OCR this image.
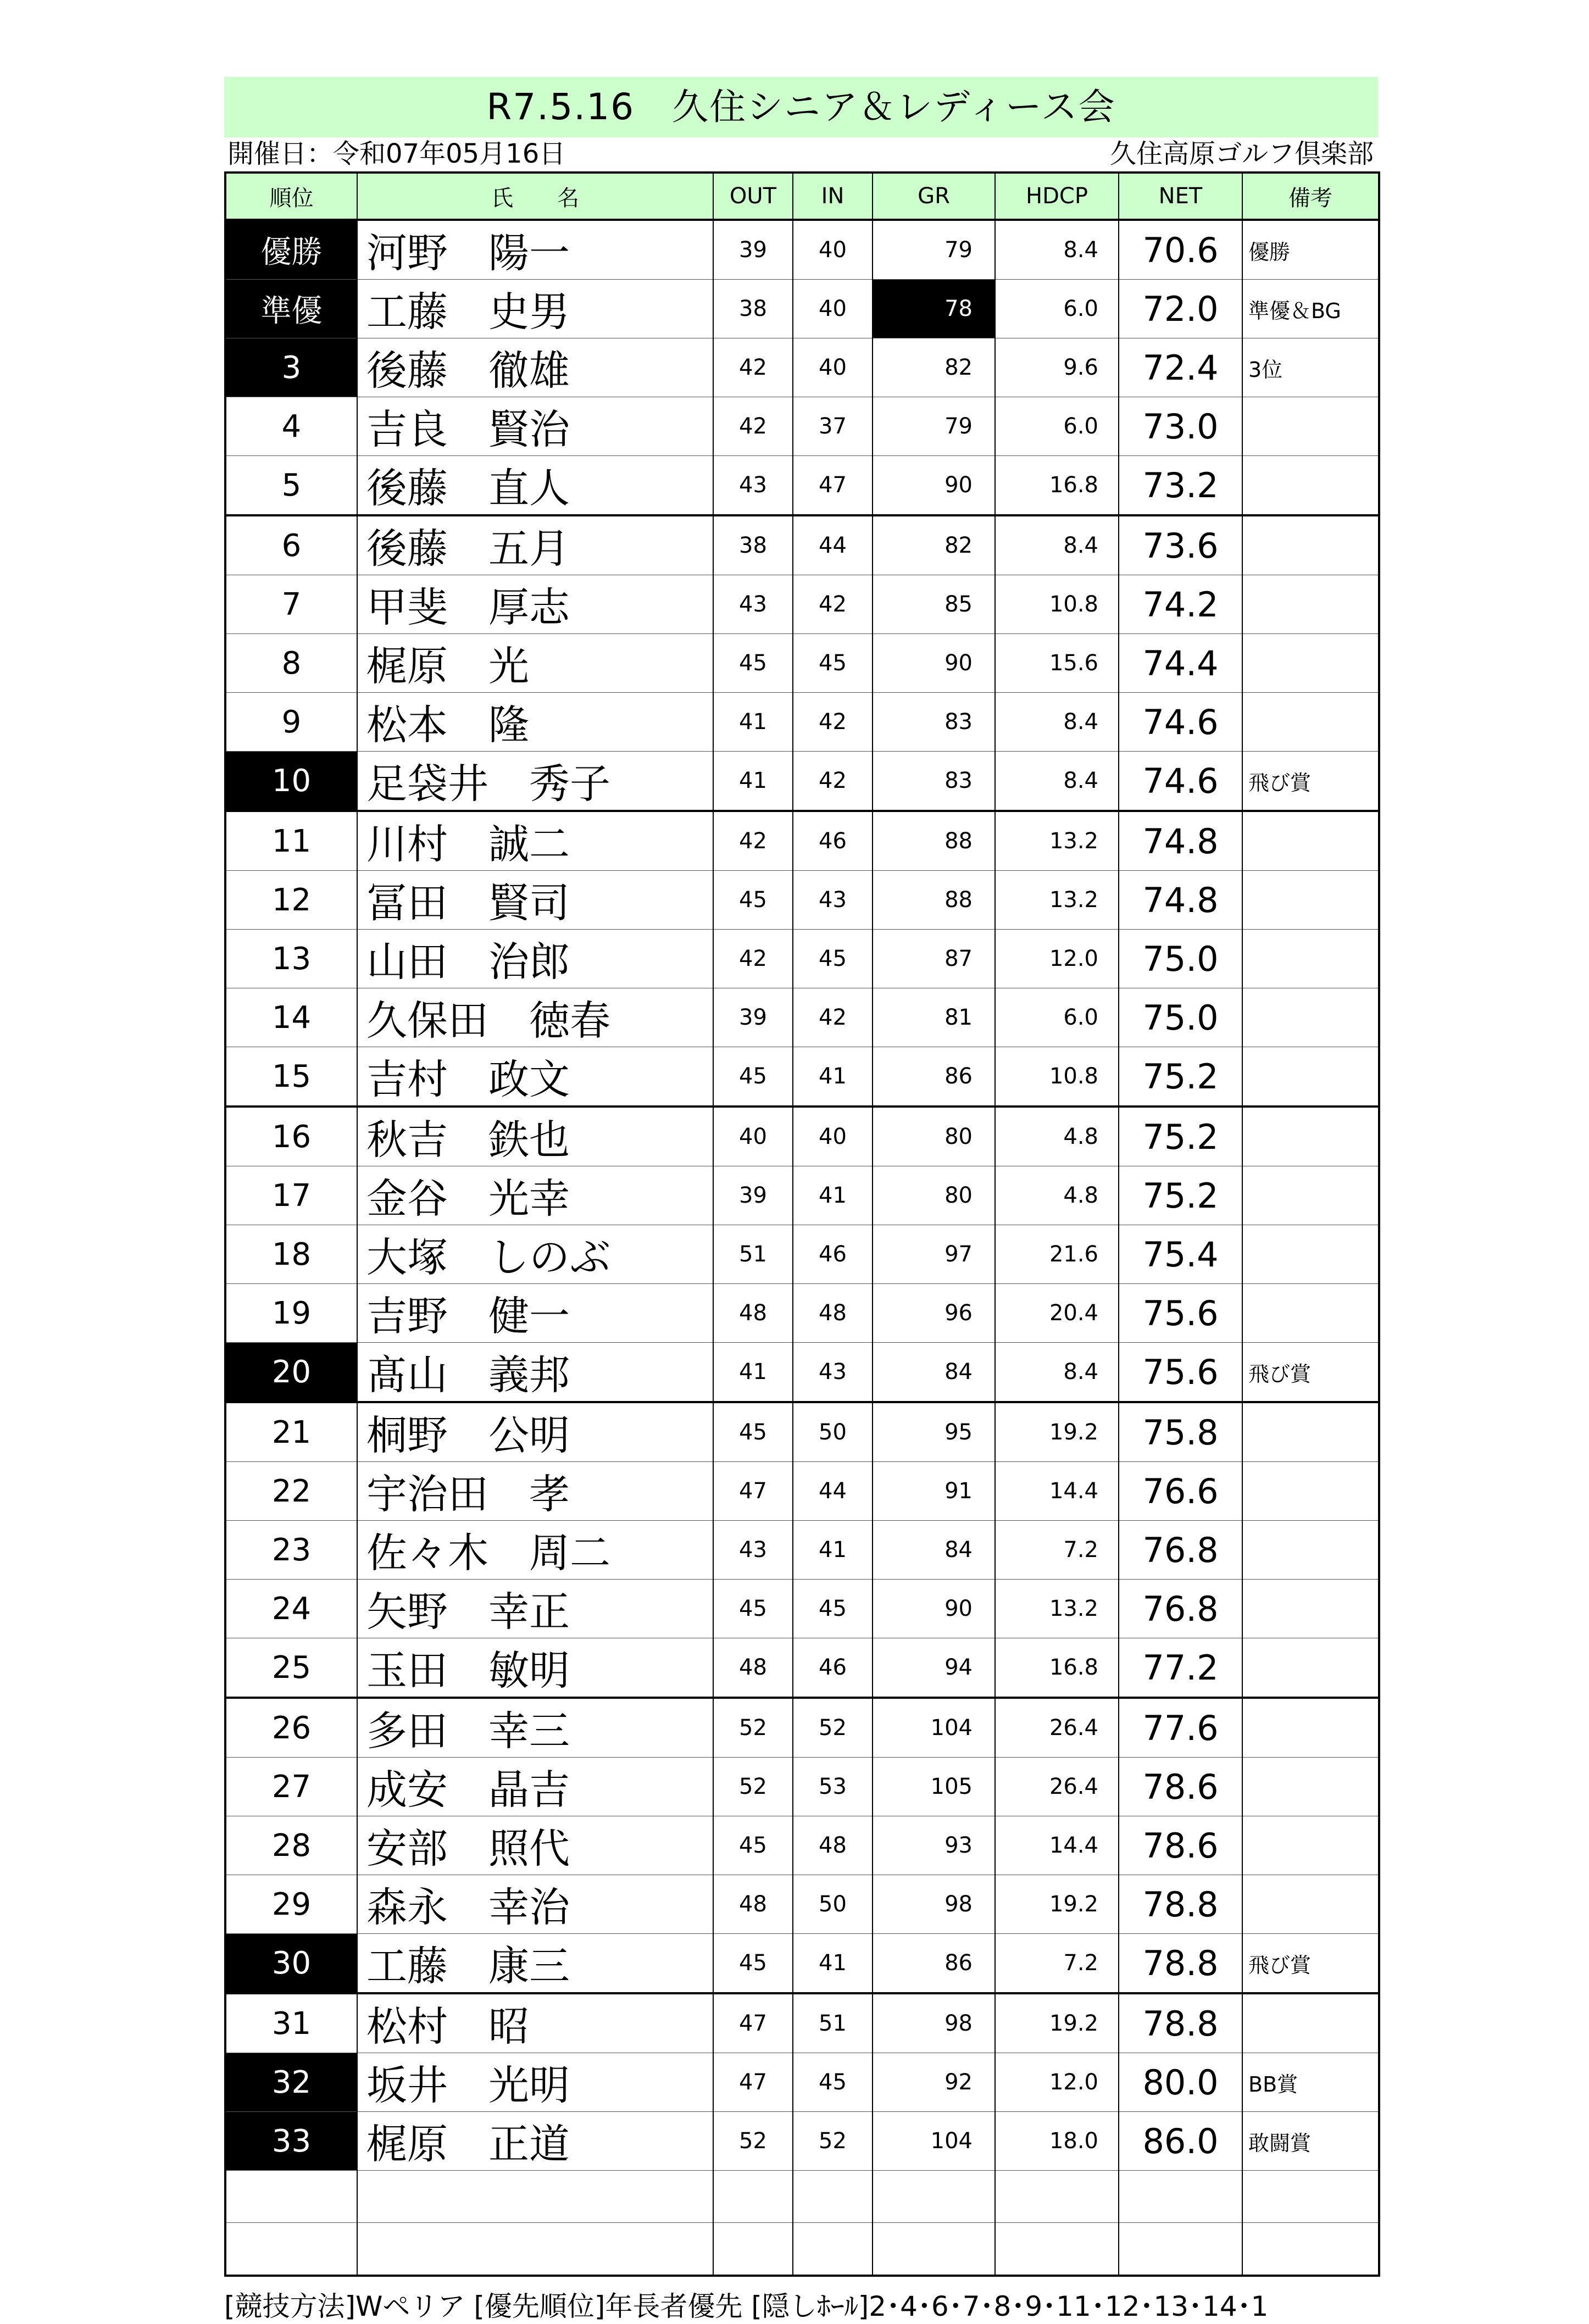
R7.5.16　久住シニア＆レディース会
開催日：令和07年05月16日	久住高原ゴルフ倶楽部
順位	氏　　名	OUT	IN	GR	HDCP	NET	備考
優勝	河野　陽一	39	40	79	8.4	70.6	優勝
準優	工藤　史男	38	40	78	6.0	72.0	準優＆BG
3	後藤　徹雄	42	40	82	9.6	72.4	3位
4	吉良　賢治	42	37	79	6.0	73.0	
5	後藤　直人	43	47	90	16.8	73.2	
6	後藤　五月	38	44	82	8.4	73.6	
7	甲斐　厚志	43	42	85	10.8	74.2	
8	梶原　光	45	45	90	15.6	74.4	
9	松本　隆	41	42	83	8.4	74.6	
10	足袋井　秀子	41	42	83	8.4	74.6	飛び賞
11	川村　誠二	42	46	88	13.2	74.8	
12	冨田　賢司	45	43	88	13.2	74.8	
13	山田　治郎	42	45	87	12.0	75.0	
14	久保田　徳春	39	42	81	6.0	75.0	
15	吉村　政文	45	41	86	10.8	75.2	
16	秋吉　鉄也	40	40	80	4.8	75.2	
17	金谷　光幸	39	41	80	4.8	75.2	
18	大塚　しのぶ	51	46	97	21.6	75.4	
19	吉野　健一	48	48	96	20.4	75.6	
20	髙山　義邦	41	43	84	8.4	75.6	飛び賞
21	桐野　公明	45	50	95	19.2	75.8	
22	宇治田　孝	47	44	91	14.4	76.6	
23	佐々木　周二	43	41	84	7.2	76.8	
24	矢野　幸正	45	45	90	13.2	76.8	
25	玉田　敏明	48	46	94	16.8	77.2	
26	多田　幸三	52	52	104	26.4	77.6	
27	成安　晶吉	52	53	105	26.4	78.6	
28	安部　照代	45	48	93	14.4	78.6	
29	森永　幸治	48	50	98	19.2	78.8	
30	工藤　康三	45	41	86	7.2	78.8	飛び賞
31	松村　昭	47	51	98	19.2	78.8	
32	坂井　光明	47	45	92	12.0	80.0	BB賞
33	梶原　正道	52	52	104	18.0	86.0	敢闘賞

[競技方法]Wペリア [優先順位]年長者優先 [隠しﾎｰﾙ]2･4･6･7･8･9･11･12･13･14･1
